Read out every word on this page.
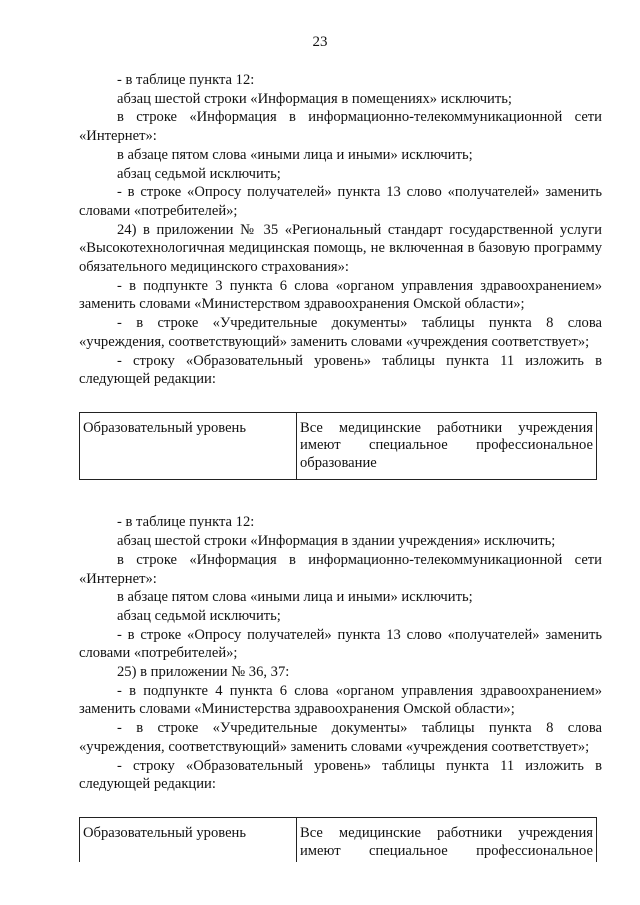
23

- в таблице пункта 12:

абзац шестой строки «Информация в помещениях» исключить;

в строке «Информация в информационно-телекоммуникационной сети «Интернет»:

в абзаце пятом слова «иными лица и иными» исключить;

абзац седьмой исключить;

- в строке «Опросу получателей» пункта 13 слово «получателей» заменить словами «потребителей»;

24) в приложении № 35 «Региональный стандарт государственной услуги «Высокотехнологичная медицинская помощь, не включенная в базовую программу обязательного медицинского страхования»:

- в подпункте 3 пункта 6 слова «органом управления здравоохранением» заменить словами «Министерством здравоохранения Омской области»;

- в строке «Учредительные документы» таблицы пункта 8 слова «учреждения, соответствующий» заменить словами «учреждения соответствует»;

- строку «Образовательный уровень» таблицы пункта 11 изложить в следующей редакции:

Образовательный уровень	Все медицинские работники учреждения имеют специальное профессиональное образование

- в таблице пункта 12:

абзац шестой строки «Информация в здании учреждения» исключить;

в строке «Информация в информационно-телекоммуникационной сети «Интернет»:

в абзаце пятом слова «иными лица и иными» исключить;

абзац седьмой исключить;

- в строке «Опросу получателей» пункта 13 слово «получателей» заменить словами «потребителей»;

25) в приложении № 36, 37:

- в подпункте 4 пункта 6 слова «органом управления здравоохранением» заменить словами «Министерства здравоохранения Омской области»;

- в строке «Учредительные документы» таблицы пункта 8 слова «учреждения, соответствующий» заменить словами «учреждения соответствует»;

- строку «Образовательный уровень» таблицы пункта 11 изложить в следующей редакции:

Образовательный уровень	Все медицинские работники учреждения имеют специальное профессиональное
